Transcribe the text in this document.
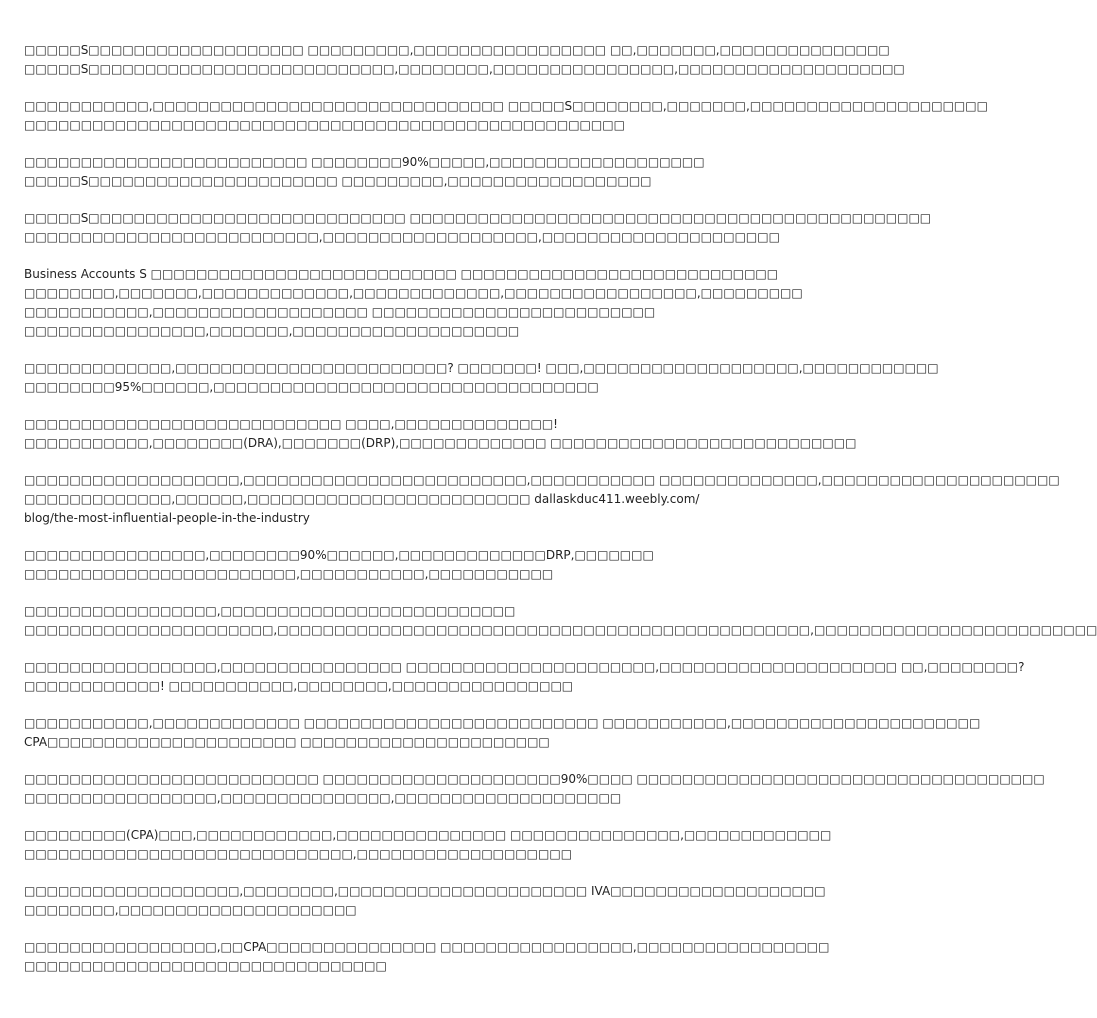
□□□□□S□□□□□□□□□□□□□□□□□□□ □□□□□□□□□,□□□□□□□□□□□□□□□□□ □□,□□□□□□□,□□□□□□□□□□□□□□□
□□□□□S□□□□□□□□□□□□□□□□□□□□□□□□□□□,□□□□□□□□,□□□□□□□□□□□□□□□□,□□□□□□□□□□□□□□□□□□□□
□□□□□□□□□□□,□□□□□□□□□□□□□□□□□□□□□□□□□□□□□□□ □□□□□S□□□□□□□□,□□□□□□□,□□□□□□□□□□□□□□□□□□□□□
□□□□□□□□□□□□□□□□□□□□□□□□□□□□□□□□□□□□□□□□□□□□□□□□□□□□□
□□□□□□□□□□□□□□□□□□□□□□□□□ □□□□□□□□90%□□□□□,□□□□□□□□□□□□□□□□□□□
□□□□□S□□□□□□□□□□□□□□□□□□□□□□ □□□□□□□□□,□□□□□□□□□□□□□□□□□□
□□□□□S□□□□□□□□□□□□□□□□□□□□□□□□□□□□ □□□□□□□□□□□□□□□□□□□□□□□□□□□□□□□□□□□□□□□□□□□□□□
□□□□□□□□□□□□□□□□□□□□□□□□□□,□□□□□□□□□□□□□□□□□□□,□□□□□□□□□□□□□□□□□□□□□
Business Accounts S □□□□□□□□□□□□□□□□□□□□□□□□□□□ □□□□□□□□□□□□□□□□□□□□□□□□□□□□
□□□□□□□□,□□□□□□□,□□□□□□□□□□□□□,□□□□□□□□□□□□□,□□□□□□□□□□□□□□□□□,□□□□□□□□□
□□□□□□□□□□□,□□□□□□□□□□□□□□□□□□□ □□□□□□□□□□□□□□□□□□□□□□□□□
□□□□□□□□□□□□□□□□,□□□□□□□,□□□□□□□□□□□□□□□□□□□□
□□□□□□□□□□□□□,□□□□□□□□□□□□□□□□□□□□□□□□? □□□□□□□! □□□,□□□□□□□□□□□□□□□□□□□,□□□□□□□□□□□□
□□□□□□□□95%□□□□□□,□□□□□□□□□□□□□□□□□□□□□□□□□□□□□□□□□□
□□□□□□□□□□□□□□□□□□□□□□□□□□□□ □□□□,□□□□□□□□□□□□□□!
□□□□□□□□□□□,□□□□□□□□(DRA),□□□□□□□(DRP),□□□□□□□□□□□□□ □□□□□□□□□□□□□□□□□□□□□□□□□□□
□□□□□□□□□□□□□□□□□□□,□□□□□□□□□□□□□□□□□□□□□□□□□,□□□□□□□□□□□ □□□□□□□□□□□□□□,□□□□□□□□□□□□□□□□□□□□□
□□□□□□□□□□□□□,□□□□□□,□□□□□□□□□□□□□□□□□□□□□□□□□ dallaskduc411.weebly.com/blog/the-most-influential-people-in-the-industry
□□□□□□□□□□□□□□□□,□□□□□□□□90%□□□□□□,□□□□□□□□□□□□□DRP,□□□□□□□
□□□□□□□□□□□□□□□□□□□□□□□□,□□□□□□□□□□□,□□□□□□□□□□□
□□□□□□□□□□□□□□□□□,□□□□□□□□□□□□□□□□□□□□□□□□□□
□□□□□□□□□□□□□□□□□□□□□□,□□□□□□□□□□□□□□□□□□□□□□□□□□□□□□□□□□□□□□□□□□□□□□□,□□□□□□□□□□□□□□□□□□□□□□□□□
□□□□□□□□□□□□□□□□□,□□□□□□□□□□□□□□□□ □□□□□□□□□□□□□□□□□□□□□□,□□□□□□□□□□□□□□□□□□□□□ □□,□□□□□□□□?
□□□□□□□□□□□□! □□□□□□□□□□□,□□□□□□□□,□□□□□□□□□□□□□□□□
□□□□□□□□□□□,□□□□□□□□□□□□□ □□□□□□□□□□□□□□□□□□□□□□□□□□ □□□□□□□□□□□,□□□□□□□□□□□□□□□□□□□□□□
CPA□□□□□□□□□□□□□□□□□□□□□□ □□□□□□□□□□□□□□□□□□□□□□
□□□□□□□□□□□□□□□□□□□□□□□□□□ □□□□□□□□□□□□□□□□□□□□□90%□□□□ □□□□□□□□□□□□□□□□□□□□□□□□□□□□□□□□□□□□
□□□□□□□□□□□□□□□□□,□□□□□□□□□□□□□□□,□□□□□□□□□□□□□□□□□□□□
□□□□□□□□□(CPA)□□□,□□□□□□□□□□□□,□□□□□□□□□□□□□□□ □□□□□□□□□□□□□□□,□□□□□□□□□□□□□
□□□□□□□□□□□□□□□□□□□□□□□□□□□□□,□□□□□□□□□□□□□□□□□□□
□□□□□□□□□□□□□□□□□□□,□□□□□□□□,□□□□□□□□□□□□□□□□□□□□□□ IVA□□□□□□□□□□□□□□□□□□□
□□□□□□□□,□□□□□□□□□□□□□□□□□□□□□
□□□□□□□□□□□□□□□□□,□□CPA□□□□□□□□□□□□□□□ □□□□□□□□□□□□□□□□□,□□□□□□□□□□□□□□□□□
□□□□□□□□□□□□□□□□□□□□□□□□□□□□□□□□
